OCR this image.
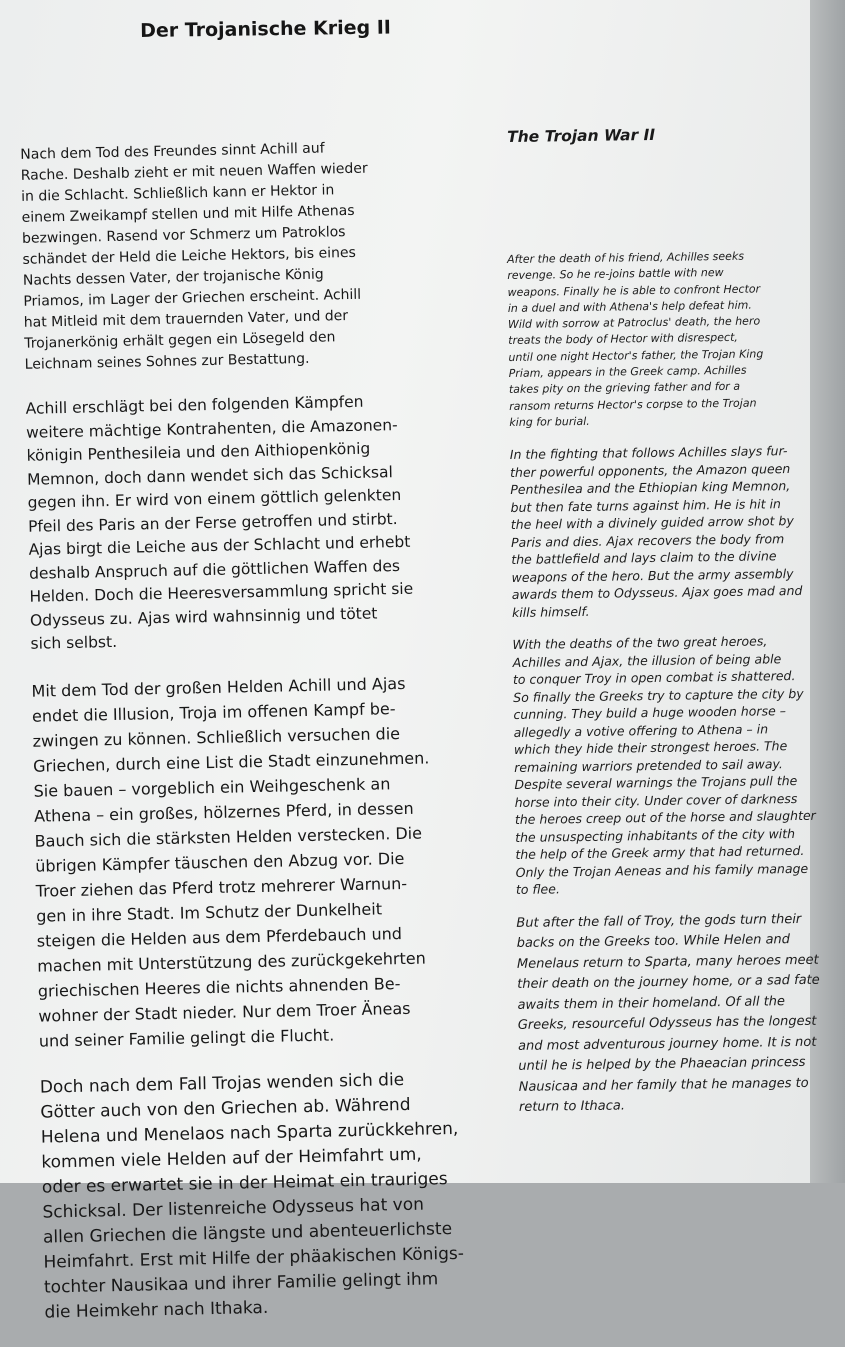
Der Trojanische Krieg II

Nach dem Tod des Freundes sinnt Achill auf
Rache. Deshalb zieht er mit neuen Waffen wieder
in die Schlacht. Schließlich kann er Hektor in
einem Zweikampf stellen und mit Hilfe Athenas
bezwingen. Rasend vor Schmerz um Patroklos
schändet der Held die Leiche Hektors, bis eines
Nachts dessen Vater, der trojanische König
Priamos, im Lager der Griechen erscheint. Achill
hat Mitleid mit dem trauernden Vater, und der
Trojanerkönig erhält gegen ein Lösegeld den
Leichnam seines Sohnes zur Bestattung.

Achill erschlägt bei den folgenden Kämpfen
weitere mächtige Kontrahenten, die Amazonen-
königin Penthesileia und den Aithiopenkönig
Memnon, doch dann wendet sich das Schicksal
gegen ihn. Er wird von einem göttlich gelenkten
Pfeil des Paris an der Ferse getroffen und stirbt.
Ajas birgt die Leiche aus der Schlacht und erhebt
deshalb Anspruch auf die göttlichen Waffen des
Helden. Doch die Heeresversammlung spricht sie
Odysseus zu. Ajas wird wahnsinnig und tötet
sich selbst.

Mit dem Tod der großen Helden Achill und Ajas
endet die Illusion, Troja im offenen Kampf be-
zwingen zu können. Schließlich versuchen die
Griechen, durch eine List die Stadt einzunehmen.
Sie bauen – vorgeblich ein Weihgeschenk an
Athena – ein großes, hölzernes Pferd, in dessen
Bauch sich die stärksten Helden verstecken. Die
übrigen Kämpfer täuschen den Abzug vor. Die
Troer ziehen das Pferd trotz mehrerer Warnun-
gen in ihre Stadt. Im Schutz der Dunkelheit
steigen die Helden aus dem Pferdebauch und
machen mit Unterstützung des zurückgekehrten
griechischen Heeres die nichts ahnenden Be-
wohner der Stadt nieder. Nur dem Troer Äneas
und seiner Familie gelingt die Flucht.

Doch nach dem Fall Trojas wenden sich die
Götter auch von den Griechen ab. Während
Helena und Menelaos nach Sparta zurückkehren,
kommen viele Helden auf der Heimfahrt um,
oder es erwartet sie in der Heimat ein trauriges
Schicksal. Der listenreiche Odysseus hat von
allen Griechen die längste und abenteuerlichste
Heimfahrt. Erst mit Hilfe der phäakischen Königs-
tochter Nausikaa und ihrer Familie gelingt ihm
die Heimkehr nach Ithaka.

The Trojan War II

After the death of his friend, Achilles seeks
revenge. So he re-joins battle with new
weapons. Finally he is able to confront Hector
in a duel and with Athena's help defeat him.
Wild with sorrow at Patroclus' death, the hero
treats the body of Hector with disrespect,
until one night Hector's father, the Trojan King
Priam, appears in the Greek camp. Achilles
takes pity on the grieving father and for a
ransom returns Hector's corpse to the Trojan
king for burial.

In the fighting that follows Achilles slays fur-
ther powerful opponents, the Amazon queen
Penthesilea and the Ethiopian king Memnon,
but then fate turns against him. He is hit in
the heel with a divinely guided arrow shot by
Paris and dies. Ajax recovers the body from
the battlefield and lays claim to the divine
weapons of the hero. But the army assembly
awards them to Odysseus. Ajax goes mad and
kills himself.

With the deaths of the two great heroes,
Achilles and Ajax, the illusion of being able
to conquer Troy in open combat is shattered.
So finally the Greeks try to capture the city by
cunning. They build a huge wooden horse –
allegedly a votive offering to Athena – in
which they hide their strongest heroes. The
remaining warriors pretended to sail away.
Despite several warnings the Trojans pull the
horse into their city. Under cover of darkness
the heroes creep out of the horse and slaughter
the unsuspecting inhabitants of the city with
the help of the Greek army that had returned.
Only the Trojan Aeneas and his family manage
to flee.

But after the fall of Troy, the gods turn their
backs on the Greeks too. While Helen and
Menelaus return to Sparta, many heroes meet
their death on the journey home, or a sad fate
awaits them in their homeland. Of all the
Greeks, resourceful Odysseus has the longest
and most adventurous journey home. It is not
until he is helped by the Phaeacian princess
Nausicaa and her family that he manages to
return to Ithaca.
